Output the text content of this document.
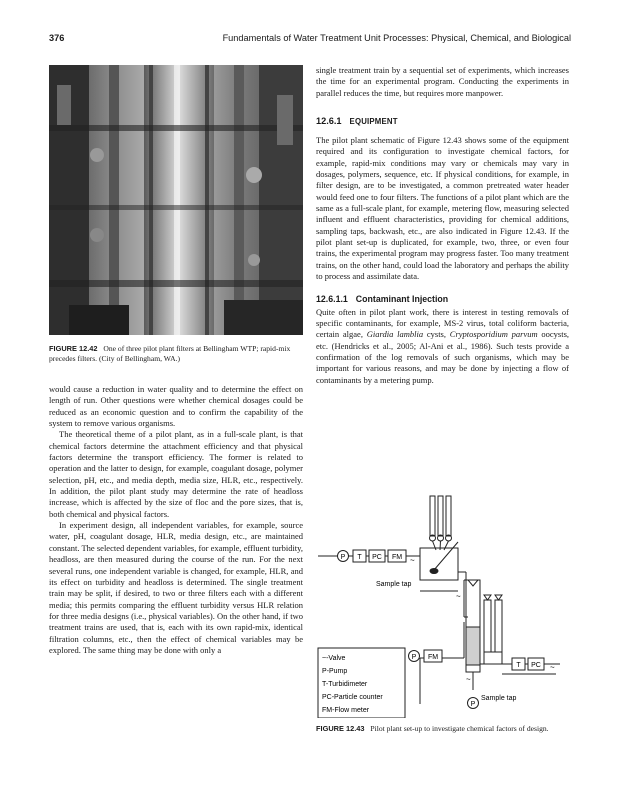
376	Fundamentals of Water Treatment Unit Processes: Physical, Chemical, and Biological

FIGURE 12.42 One of three pilot plant filters at Bellingham WTP; rapid-mix precedes filters. (City of Bellingham, WA.)

would cause a reduction in water quality and to determine the effect on length of run. Other questions were whether chemical dosages could be reduced as an economic question and to confirm the capability of the system to remove various organisms.

The theoretical theme of a pilot plant, as in a full-scale plant, is that chemical factors determine the attachment efficiency and that physical factors determine the transport efficiency. The former is related to operation and the latter to design, for example, coagulant dosage, polymer selection, pH, etc., and media depth, media size, HLR, etc., respectively. In addition, the pilot plant study may determine the rate of headloss increase, which is affected by the size of floc and the pore sizes, that is, both chemical and physical factors.

In experiment design, all independent variables, for example, source water, pH, coagulant dosage, HLR, media design, etc., are maintained constant. The selected dependent variables, for example, effluent turbidity, headloss, are then measured during the course of the run. For the next several runs, one independent variable is changed, for example, HLR, and its effect on turbidity and headloss is determined. The single treatment train may be split, if desired, to two or three filters each with a different media; this permits comparing the effluent turbidity versus HLR relation for three media designs (i.e., physical variables). On the other hand, if two treatment trains are used, that is, each with its own rapid-mix, identical filtration columns, etc., then the effect of chemical variables may be explored. The same thing may be done with only a

single treatment train by a sequential set of experiments, which increases the time for an experimental program. Conducting the experiments in parallel reduces the time, but requires more manpower.

12.6.1 EQUIPMENT

The pilot plant schematic of Figure 12.43 shows some of the equipment required and its configuration to investigate chemical factors, for example, rapid-mix conditions may vary or chemicals may vary in dosages, polymers, sequence, etc. If physical conditions, for example, in filter design, are to be investigated, a common pretreated water header would feed one to four filters. The functions of a pilot plant which are the same as a full-scale plant, for example, metering flow, measuring selected influent and effluent characteristics, providing for chemical additions, sampling taps, backwash, etc., are also indicated in Figure 12.43. If the pilot plant set-up is duplicated, for example, two, three, or even four trains, the experimental program may progress faster. Too many treatment trains, on the other hand, could load the laboratory and perhaps the ability to process and assimilate data.

12.6.1.1 Contaminant Injection

Quite often in pilot plant work, there is interest in testing removals of specific contaminants, for example, MS-2 virus, total coliform bacteria, certain algae, Giardia lamblia cysts, Cryptosporidium parvum oocysts, etc. (Hendricks et al., 2005; Al-Ani et al., 1986). Such tests provide a confirmation of the log removals of such organisms, which may be important for various reasons, and may be done by injecting a flow of contaminants by a metering pump.

P T PC FM ~
Sample tap
~
P FM
~
T PC ~
Sample tap
P
~-Valve
P-Pump
T-Turbidimeter
PC-Particle counter
FM-Flow meter

FIGURE 12.43 Pilot plant set-up to investigate chemical factors of design.
